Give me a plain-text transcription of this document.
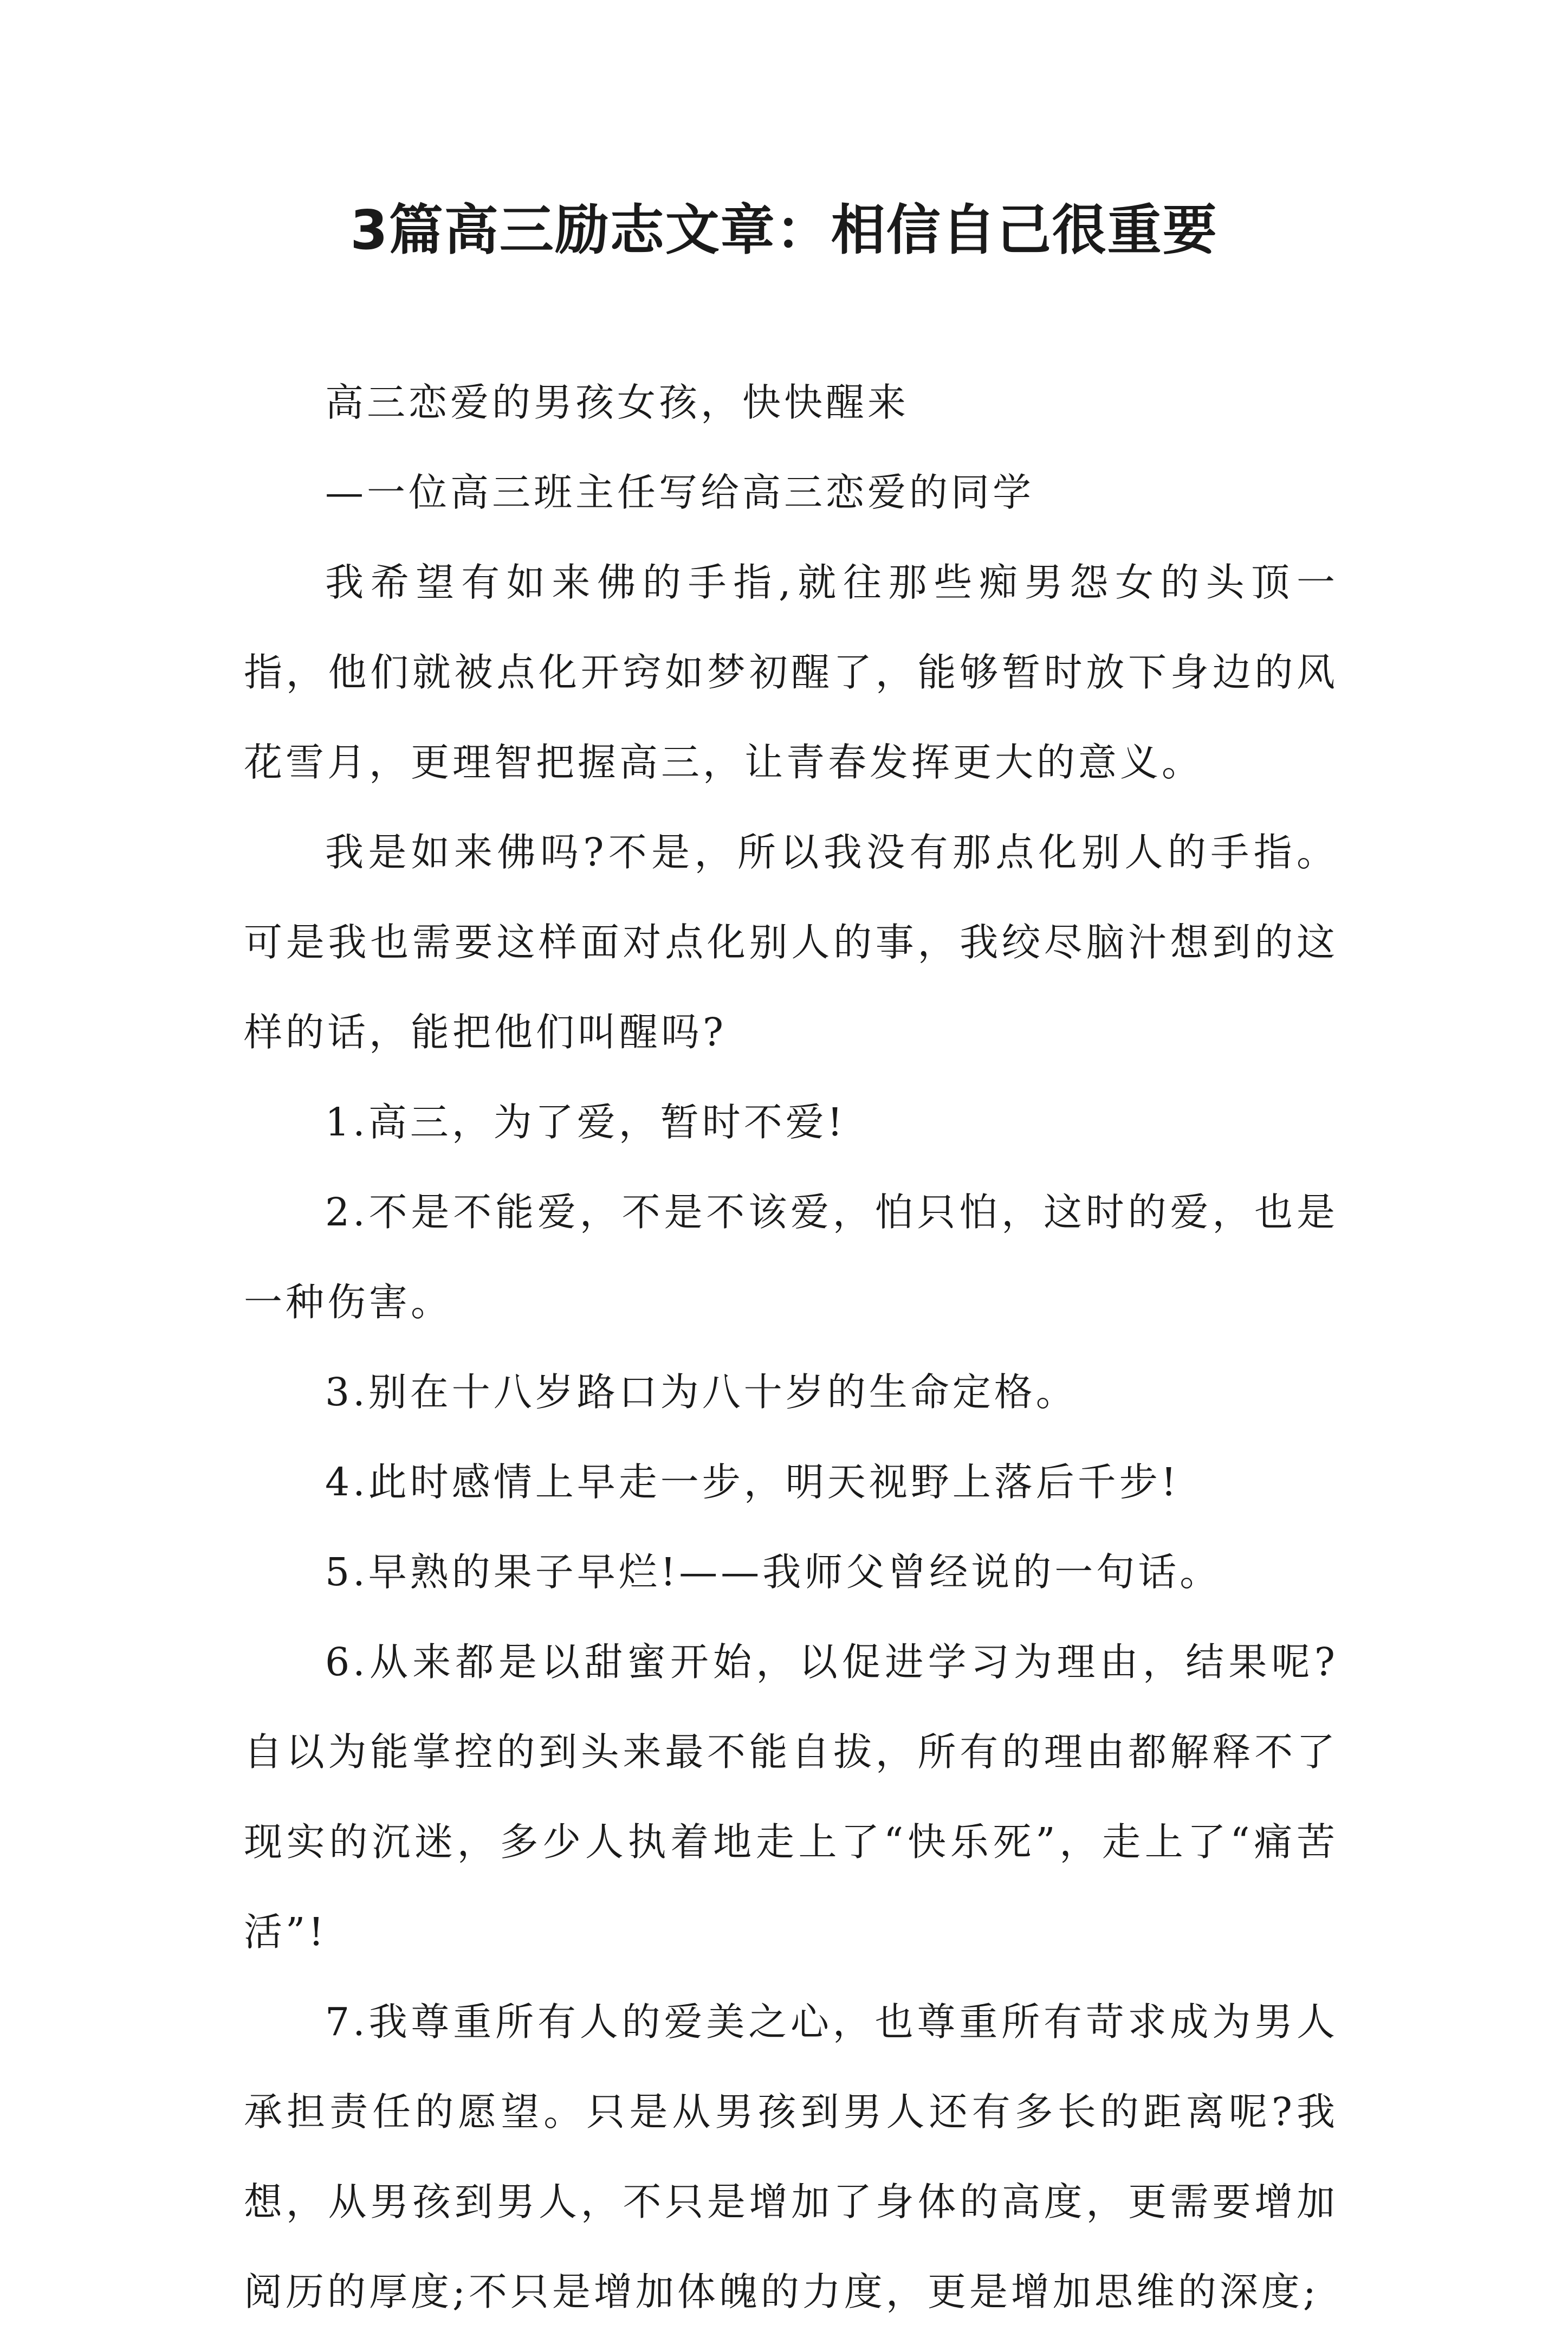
3篇高三励志文章：相信自己很重要

高三恋爱的男孩女孩，快快醒来

—一位高三班主任写给高三恋爱的同学

我希望有如来佛的手指,就往那些痴男怨女的头顶一指，他们就被点化开窍如梦初醒了，能够暂时放下身边的风花雪月，更理智把握高三，让青春发挥更大的意义。

我是如来佛吗?不是，所以我没有那点化别人的手指。可是我也需要这样面对点化别人的事，我绞尽脑汁想到的这样的话，能把他们叫醒吗?

1.高三，为了爱，暂时不爱!

2.不是不能爱，不是不该爱，怕只怕，这时的爱，也是一种伤害。

3.别在十八岁路口为八十岁的生命定格。

4.此时感情上早走一步，明天视野上落后千步!

5.早熟的果子早烂!——我师父曾经说的一句话。

6.从来都是以甜蜜开始，以促进学习为理由，结果呢?自以为能掌控的到头来最不能自拔，所有的理由都解释不了现实的沉迷，多少人执着地走上了“快乐死”，走上了“痛苦活”!

7.我尊重所有人的爱美之心，也尊重所有苛求成为男人承担责任的愿望。只是从男孩到男人还有多长的距离呢?我想，从男孩到男人，不只是增加了身体的高度，更需要增加阅历的厚度;不只是增加体魄的力度，更是增加思维的深度;
